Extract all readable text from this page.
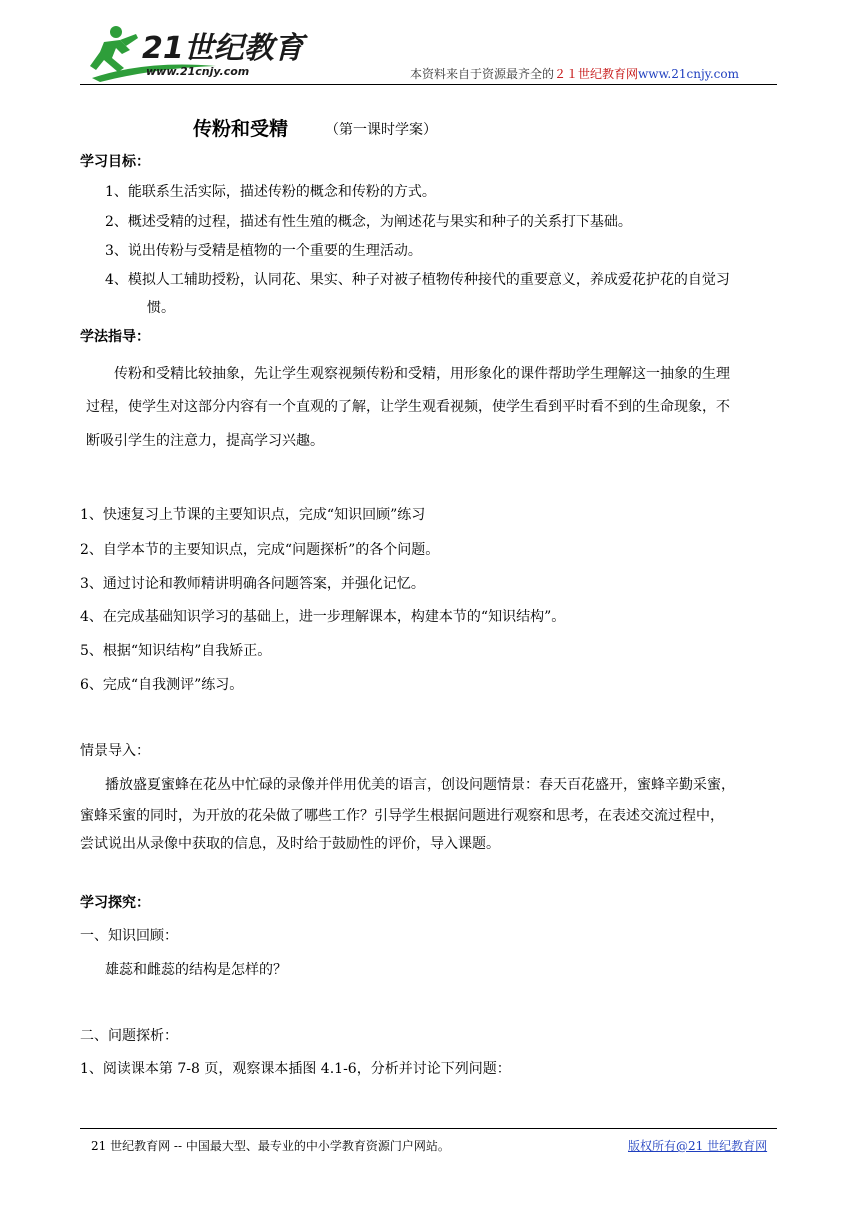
21世纪教育
www.21cnjy.com	本资料来自于资源最齐全的２１世纪教育网www.21cnjy.com
传粉和受精	（第一课时学案）
学习目标：
1、能联系生活实际，描述传粉的概念和传粉的方式。
2、概述受精的过程，描述有性生殖的概念，为阐述花与果实和种子的关系打下基础。
3、说出传粉与受精是植物的一个重要的生理活动。
4、模拟人工辅助授粉，认同花、果实、种子对被子植物传种接代的重要意义，养成爱花护花的自觉习
惯。
学法指导：
传粉和受精比较抽象，先让学生观察视频传粉和受精，用形象化的课件帮助学生理解这一抽象的生理
过程，使学生对这部分内容有一个直观的了解，让学生观看视频，使学生看到平时看不到的生命现象，不
断吸引学生的注意力，提高学习兴趣。
1、快速复习上节课的主要知识点，完成“知识回顾”练习
2、自学本节的主要知识点，完成“问题探析”的各个问题。
3、通过讨论和教师精讲明确各问题答案，并强化记忆。
4、在完成基础知识学习的基础上，进一步理解课本，构建本节的“知识结构”。
5、根据“知识结构”自我矫正。
6、完成“自我测评”练习。
情景导入：
播放盛夏蜜蜂在花丛中忙碌的录像并伴用优美的语言，创设问题情景：春天百花盛开，蜜蜂辛勤采蜜，
蜜蜂采蜜的同时，为开放的花朵做了哪些工作？引导学生根据问题进行观察和思考，在表述交流过程中，
尝试说出从录像中获取的信息，及时给于鼓励性的评价，导入课题。
学习探究：
一、知识回顾：
雄蕊和雌蕊的结构是怎样的？
二、问题探析：
1、阅读课本第 7-8 页，观察课本插图 4.1-6，分析并讨论下列问题：
21 世纪教育网 -- 中国最大型、最专业的中小学教育资源门户网站。	版权所有@21 世纪教育网
